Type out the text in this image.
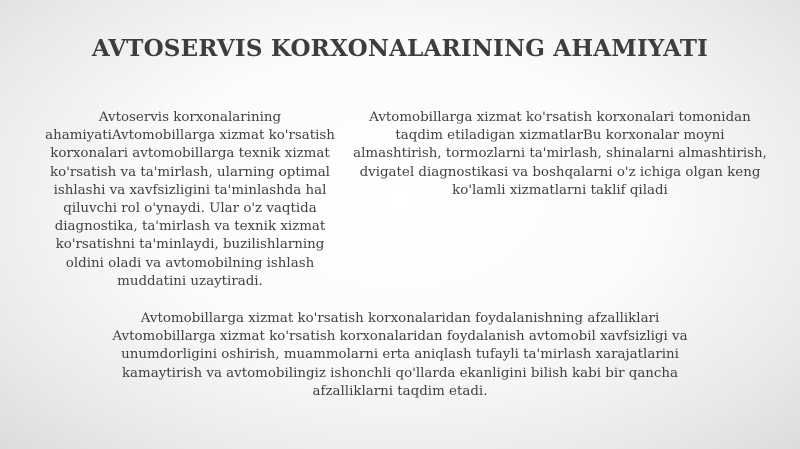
AVTOSERVIS KORXONALARINING AHAMIYATI

Avtoservis korxonalarining ahamiyatiAvtomobillarga xizmat ko'rsatish korxonalari avtomobillarga texnik xizmat ko'rsatish va ta'mirlash, ularning optimal ishlashi va xavfsizligini ta'minlashda hal qiluvchi rol o'ynaydi. Ular o'z vaqtida diagnostika, ta'mirlash va texnik xizmat ko'rsatishni ta'minlaydi, buzilishlarning oldini oladi va avtomobilning ishlash muddatini uzaytiradi.

Avtomobillarga xizmat ko'rsatish korxonalari tomonidan taqdim etiladigan xizmatlarBu korxonalar moyni almashtirish, tormozlarni ta'mirlash, shinalarni almashtirish, dvigatel diagnostikasi va boshqalarni o'z ichiga olgan keng ko'lamli xizmatlarni taklif qiladi

Avtomobillarga xizmat ko'rsatish korxonalaridan foydalanishning afzalliklari Avtomobillarga xizmat ko'rsatish korxonalaridan foydalanish avtomobil xavfsizligi va unumdorligini oshirish, muammolarni erta aniqlash tufayli ta'mirlash xarajatlarini kamaytirish va avtomobilingiz ishonchli qo'llarda ekanligini bilish kabi bir qancha afzalliklarni taqdim etadi.
